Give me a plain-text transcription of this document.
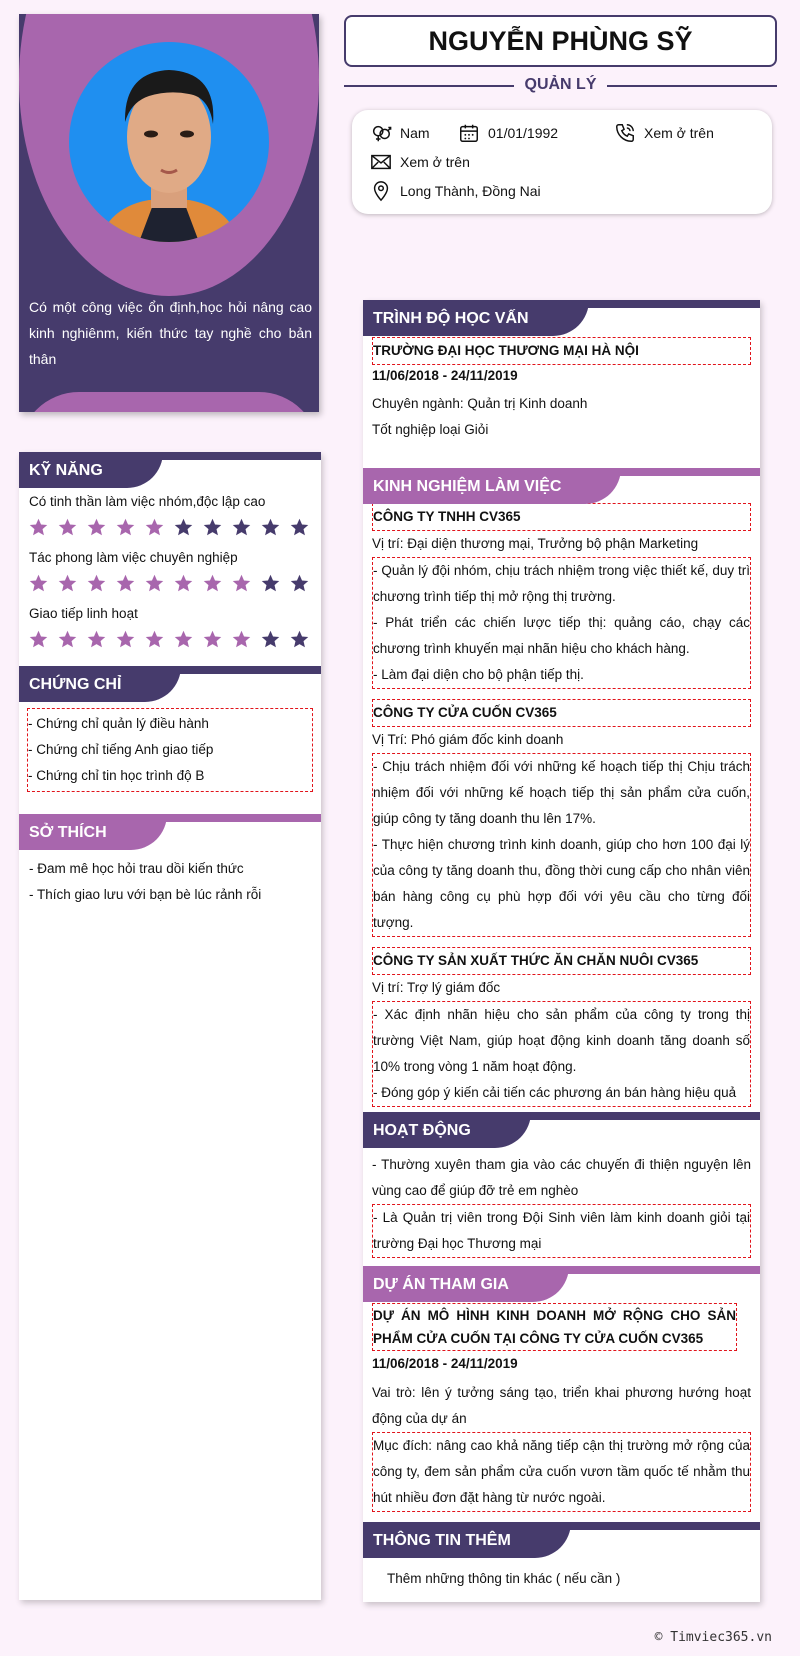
Có một công việc ổn định,học hỏi nâng cao kinh nghiênm, kiến thức tay nghề cho bản thân

KỸ NĂNG

Có tinh thần làm việc nhóm,độc lập cao

Tác phong làm việc chuyên nghiệp

Giao tiếp linh hoạt

CHỨNG CHỈ

- Chứng chỉ quản lý điều hành

- Chứng chỉ tiếng Anh giao tiếp

- Chứng chỉ tin học trình độ B

SỞ THÍCH

- Đam mê học hỏi trau dồi kiến thức

- Thích giao lưu với bạn bè lúc rảnh rỗi

NGUYỄN PHÙNG SỸ
QUẢN LÝ
Nam	01/01/1992	Xem ở trên
Xem ở trên
Long Thành, Đồng Nai
TRÌNH ĐỘ HỌC VẤN

TRƯỜNG ĐẠI HỌC THƯƠNG MẠI HÀ NỘI

11/06/2018 - 24/11/2019

Chuyên ngành: Quản trị Kinh doanh

Tốt nghiệp loại Giỏi

KINH NGHIỆM LÀM VIỆC

CÔNG TY TNHH CV365

Vị trí: Đại diện thương mại, Trưởng bộ phận Marketing

- Quản lý đội nhóm, chịu trách nhiệm trong việc thiết kế, duy trì chương trình tiếp thị mở rộng thị trường.

- Phát triển các chiến lược tiếp thị: quảng cáo, chạy các chương trình khuyến mại nhãn hiệu cho khách hàng.

- Làm đại diện cho bộ phận tiếp thị.

CÔNG TY CỬA CUỐN CV365

Vị Trí: Phó giám đốc kinh doanh

- Chịu trách nhiệm đối với những kế hoạch tiếp thị Chịu trách nhiệm đối với những kế hoạch tiếp thị sản phẩm cửa cuốn, giúp công ty tăng doanh thu lên 17%.

- Thực hiện chương trình kinh doanh, giúp cho hơn 100 đại lý của công ty tăng doanh thu, đồng thời cung cấp cho nhân viên bán hàng công cụ phù hợp đối với yêu cầu cho từng đối tượng.

CÔNG TY SẢN XUẤT THỨC ĂN CHĂN NUÔI CV365

Vị trí: Trợ lý giám đốc

- Xác định nhãn hiệu cho sản phẩm của công ty trong thị trường Việt Nam, giúp hoạt động kinh doanh tăng doanh số 10% trong vòng 1 năm hoạt động.

- Đóng góp ý kiến cải tiến các phương án bán hàng hiệu quả

HOẠT ĐỘNG

- Thường xuyên tham gia vào các chuyến đi thiện nguyện lên vùng cao để giúp đỡ trẻ em nghèo

- Là Quản trị viên trong Đội Sinh viên làm kinh doanh giỏi tại trường Đại học Thương mại

DỰ ÁN THAM GIA

DỰ ÁN MÔ HÌNH KINH DOANH MỞ RỘNG CHO SẢN PHẨM CỬA CUỐN TẠI CÔNG TY CỬA CUỐN CV365

11/06/2018 - 24/11/2019

Vai trò: lên ý tưởng sáng tạo, triển khai phương hướng hoạt động của dự án

Mục đích: nâng cao khả năng tiếp cận thị trường mở rộng của công ty, đem sản phẩm cửa cuốn vươn tầm quốc tế nhằm thu hút nhiều đơn đặt hàng từ nước ngoài.

THÔNG TIN THÊM

Thêm những thông tin khác ( nếu cần )

© Timviec365.vn
